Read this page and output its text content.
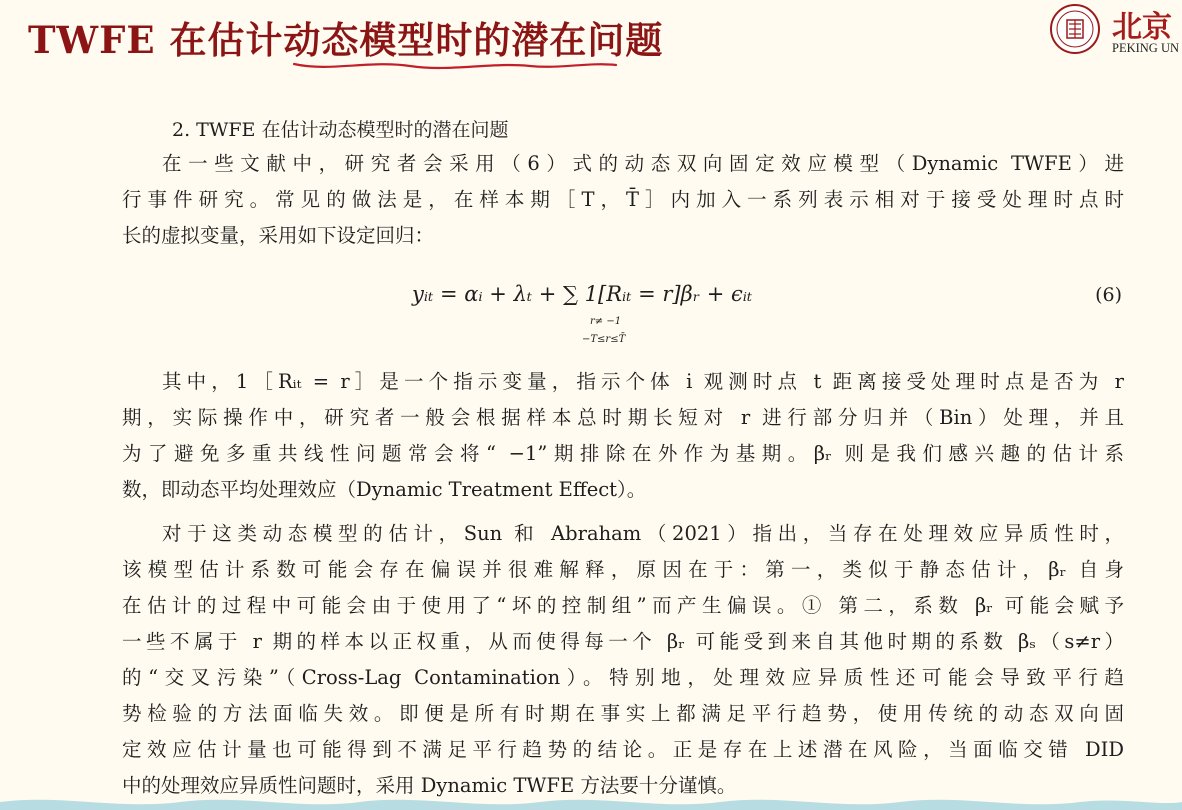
TWFE 在估计动态模型时的潜在问题	北京
PEKING UN
2. TWFE 在估计动态模型时的潜在问题
在一些文献中，研究者会采用（6）式的动态双向固定效应模型（Dynamic TWFE）进
行事件研究。常见的做法是，在样本期［T，T̄］内加入一系列表示相对于接受处理时点时
长的虚拟变量，采用如下设定回归：
yᵢₜ = αᵢ + λₜ + ∑ 1[Rᵢₜ = r]βᵣ + ϵᵢₜ
r≠ −1
−T≤r≤T̄
(6)
其中，1［Rᵢₜ = r］是一个指示变量，指示个体 i 观测时点 t 距离接受处理时点是否为 r
期，实际操作中，研究者一般会根据样本总时期长短对 r 进行部分归并（Bin）处理，并且
为了避免多重共线性问题常会将“ −1”期排除在外作为基期。βᵣ 则是我们感兴趣的估计系
数，即动态平均处理效应（Dynamic Treatment Effect）。
对于这类动态模型的估计，Sun 和 Abraham（2021）指出，当存在处理效应异质性时，
该模型估计系数可能会存在偏误并很难解释，原因在于：第一，类似于静态估计，βᵣ 自身
在估计的过程中可能会由于使用了“坏的控制组”而产生偏误。① 第二，系数 βᵣ 可能会赋予
一些不属于 r 期的样本以正权重，从而使得每一个 βᵣ 可能受到来自其他时期的系数 βₛ（s≠r）
的“交叉污染”（Cross-Lag Contamination）。特别地，处理效应异质性还可能会导致平行趋
势检验的方法面临失效。即便是所有时期在事实上都满足平行趋势，使用传统的动态双向固
定效应估计量也可能得到不满足平行趋势的结论。正是存在上述潜在风险，当面临交错 DID
中的处理效应异质性问题时，采用 Dynamic TWFE 方法要十分谨慎。
